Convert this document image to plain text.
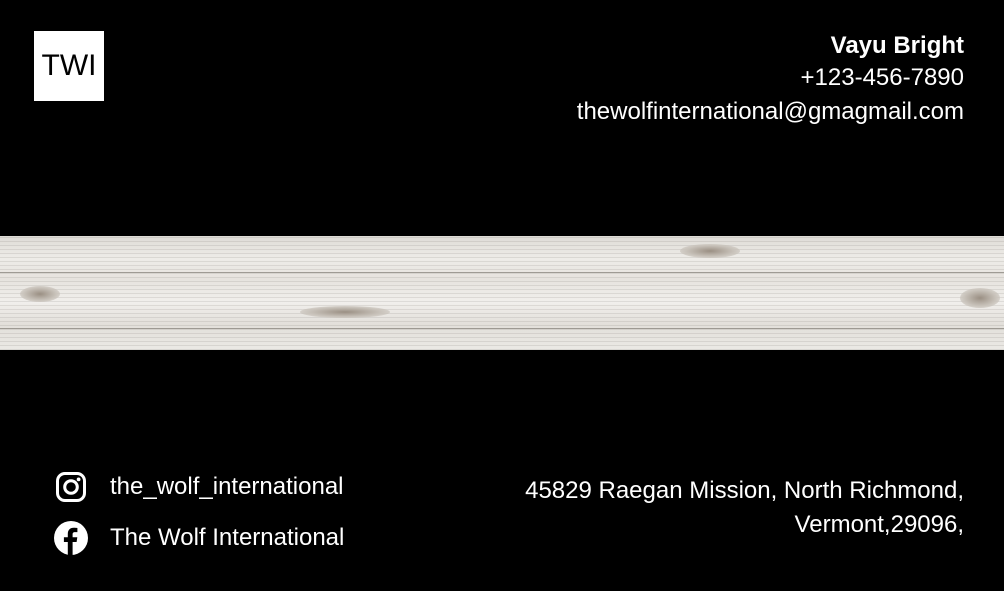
TWI
Vayu Bright
+123-456-7890
thewolfinternational@gmagmail.com
the_wolf_international
The Wolf International
45829 Raegan Mission, North Richmond,
Vermont,29096,
